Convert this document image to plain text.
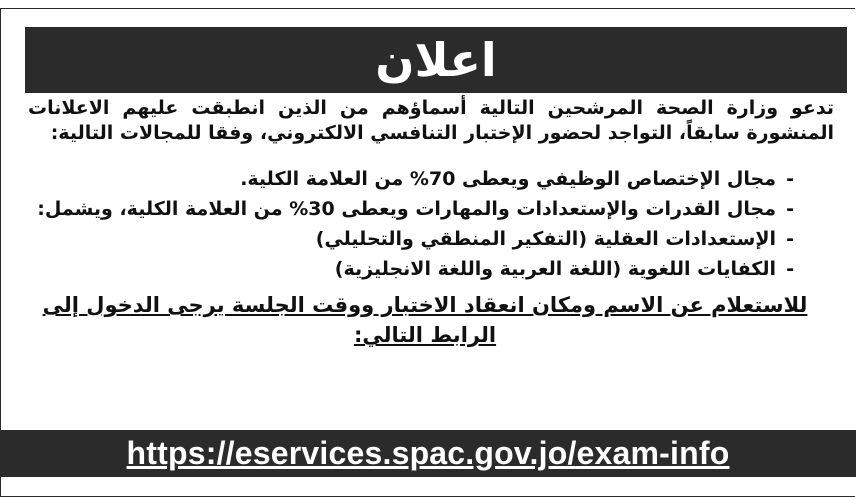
اعلان

تدعو وزارة الصحة المرشحين التالية أسماؤهم من الذين انطبقت عليهم الاعلانات المنشورة سابقاً، التواجد لحضور الإختبار التنافسي الالكتروني، وفقا للمجالات التالية:

-مجال الإختصاص الوظيفي ويعطى 70% من العلامة الكلية.
-مجال القدرات والإستعدادات والمهارات ويعطى 30% من العلامة الكلية، ويشمل:
-الإستعدادات العقلية (التفكير المنطقي والتحليلي)
-الكفايات اللغوية (اللغة العربية واللغة الانجليزية)

للاستعلام عن الاسم ومكان انعقاد الاختبار ووقت الجلسة يرجى الدخول إلى
الرابط التالي:

https://eservices.spac.gov.jo/exam-info
